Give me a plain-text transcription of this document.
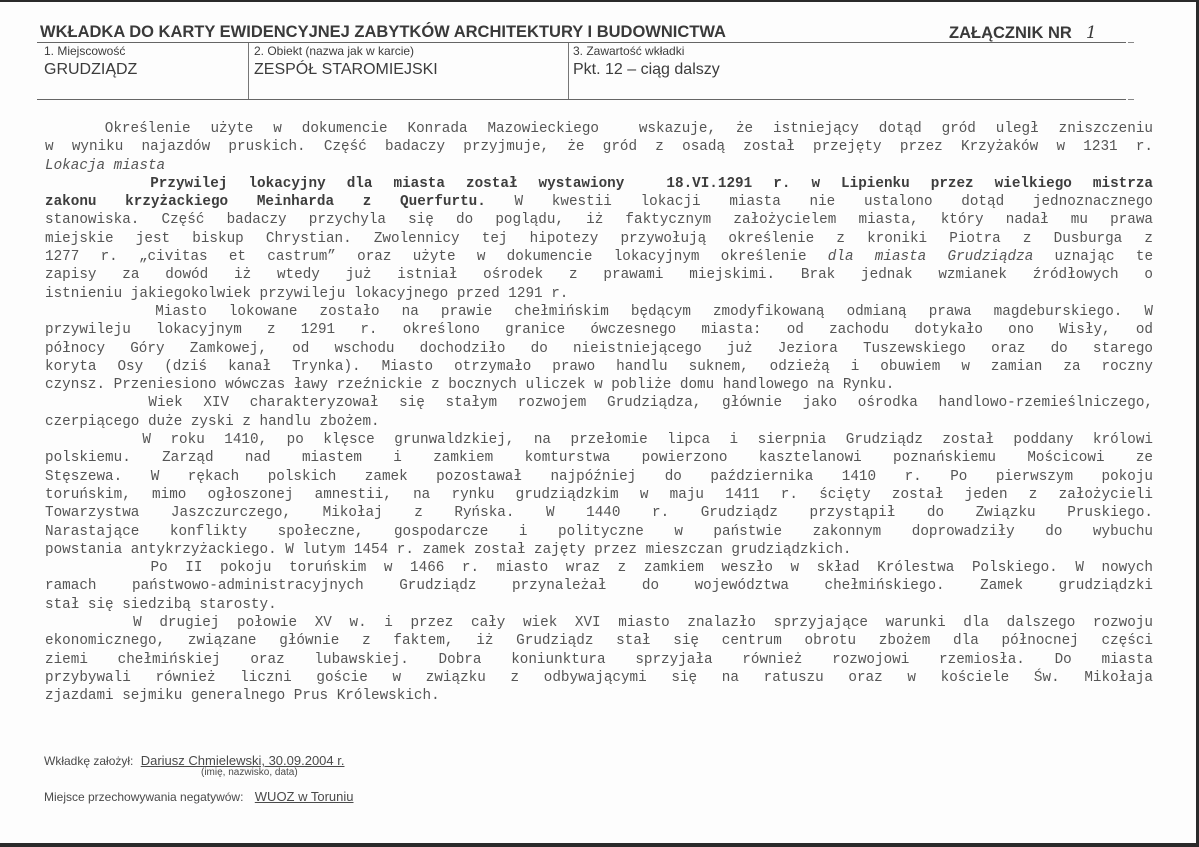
WKŁADKA DO KARTY EWIDENCYJNEJ ZABYTKÓW ARCHITEKTURY I BUDOWNICTWA	ZAŁĄCZNIK NR 1
1. Miejscowość
GRUDZIĄDZ
2. Obiekt (nazwa jak w karcie)
ZESPÓŁ STAROMIEJSKI
3. Zawartość wkładki
Pkt. 12 – ciąg dalszy
Określenie użyte w dokumencie Konrada Mazowieckiego  wskazuje, że istniejący dotąd gród uległ zniszczeniu
w wyniku najazdów pruskich. Część badaczy przyjmuje, że gród z osadą został przejęty przez Krzyżaków w 1231 r.
Lokacja miasta
Przywilej lokacyjny dla miasta został wystawiony  18.VI.1291 r. w Lipienku przez wielkiego mistrza
zakonu krzyżackiego Meinharda z Querfurtu. W kwestii lokacji miasta nie ustalono dotąd jednoznacznego
stanowiska. Część badaczy przychyla się do poglądu, iż faktycznym założycielem miasta, który nadał mu prawa
miejskie jest biskup Chrystian. Zwolennicy tej hipotezy przywołują określenie z kroniki Piotra z Dusburga z
1277 r. „civitas et castrum” oraz użyte w dokumencie lokacyjnym określenie dla miasta Grudziądza uznając te
zapisy za dowód iż wtedy już istniał ośrodek z prawami miejskimi. Brak jednak wzmianek źródłowych o
istnieniu jakiegokolwiek przywileju lokacyjnego przed 1291 r.
Miasto lokowane zostało na prawie chełmińskim będącym zmodyfikowaną odmianą prawa magdeburskiego. W
przywileju lokacyjnym z 1291 r. określono granice ówczesnego miasta: od zachodu dotykało ono Wisły, od
północy Góry Zamkowej, od wschodu dochodziło do nieistniejącego już Jeziora Tuszewskiego oraz do starego
koryta Osy (dziś kanał Trynka). Miasto otrzymało prawo handlu suknem, odzieżą i obuwiem w zamian za roczny
czynsz. Przeniesiono wówczas ławy rzeźnickie z bocznych uliczek w pobliże domu handlowego na Rynku.
Wiek XIV charakteryzował się stałym rozwojem Grudziądza, głównie jako ośrodka handlowo-rzemieślniczego,
czerpiącego duże zyski z handlu zbożem.
W roku 1410, po klęsce grunwaldzkiej, na przełomie lipca i sierpnia Grudziądz został poddany królowi
polskiemu. Zarząd nad miastem i zamkiem komturstwa powierzono kasztelanowi poznańskiemu Mościcowi ze
Stęszewa. W rękach polskich zamek pozostawał najpóźniej do października 1410 r. Po pierwszym pokoju
toruńskim, mimo ogłoszonej amnestii, na rynku grudziądzkim w maju 1411 r. ścięty został jeden z założycieli
Towarzystwa Jaszczurczego, Mikołaj z Ryńska. W 1440 r. Grudziądz przystąpił do Związku Pruskiego.
Narastające konflikty społeczne, gospodarcze i polityczne w państwie zakonnym doprowadziły do wybuchu
powstania antykrzyżackiego. W lutym 1454 r. zamek został zajęty przez mieszczan grudziądzkich.
Po II pokoju toruńskim w 1466 r. miasto wraz z zamkiem weszło w skład Królestwa Polskiego. W nowych
ramach państwowo-administracyjnych Grudziądz przynależał do województwa chełmińskiego. Zamek grudziądzki
stał się siedzibą starosty.
W drugiej połowie XV w. i przez cały wiek XVI miasto znalazło sprzyjające warunki dla dalszego rozwoju
ekonomicznego, związane głównie z faktem, iż Grudziądz stał się centrum obrotu zbożem dla północnej części
ziemi chełmińskiej oraz lubawskiej. Dobra koniunktura sprzyjała również rozwojowi rzemiosła. Do miasta
przybywali również liczni goście w związku z odbywającymi się na ratuszu oraz w kościele Św. Mikołaja
zjazdami sejmiku generalnego Prus Królewskich.
Wkładkę założył: Dariusz Chmielewski, 30.09.2004 r.
(imię, nazwisko, data)
Miejsce przechowywania negatywów: WUOZ w Toruniu
